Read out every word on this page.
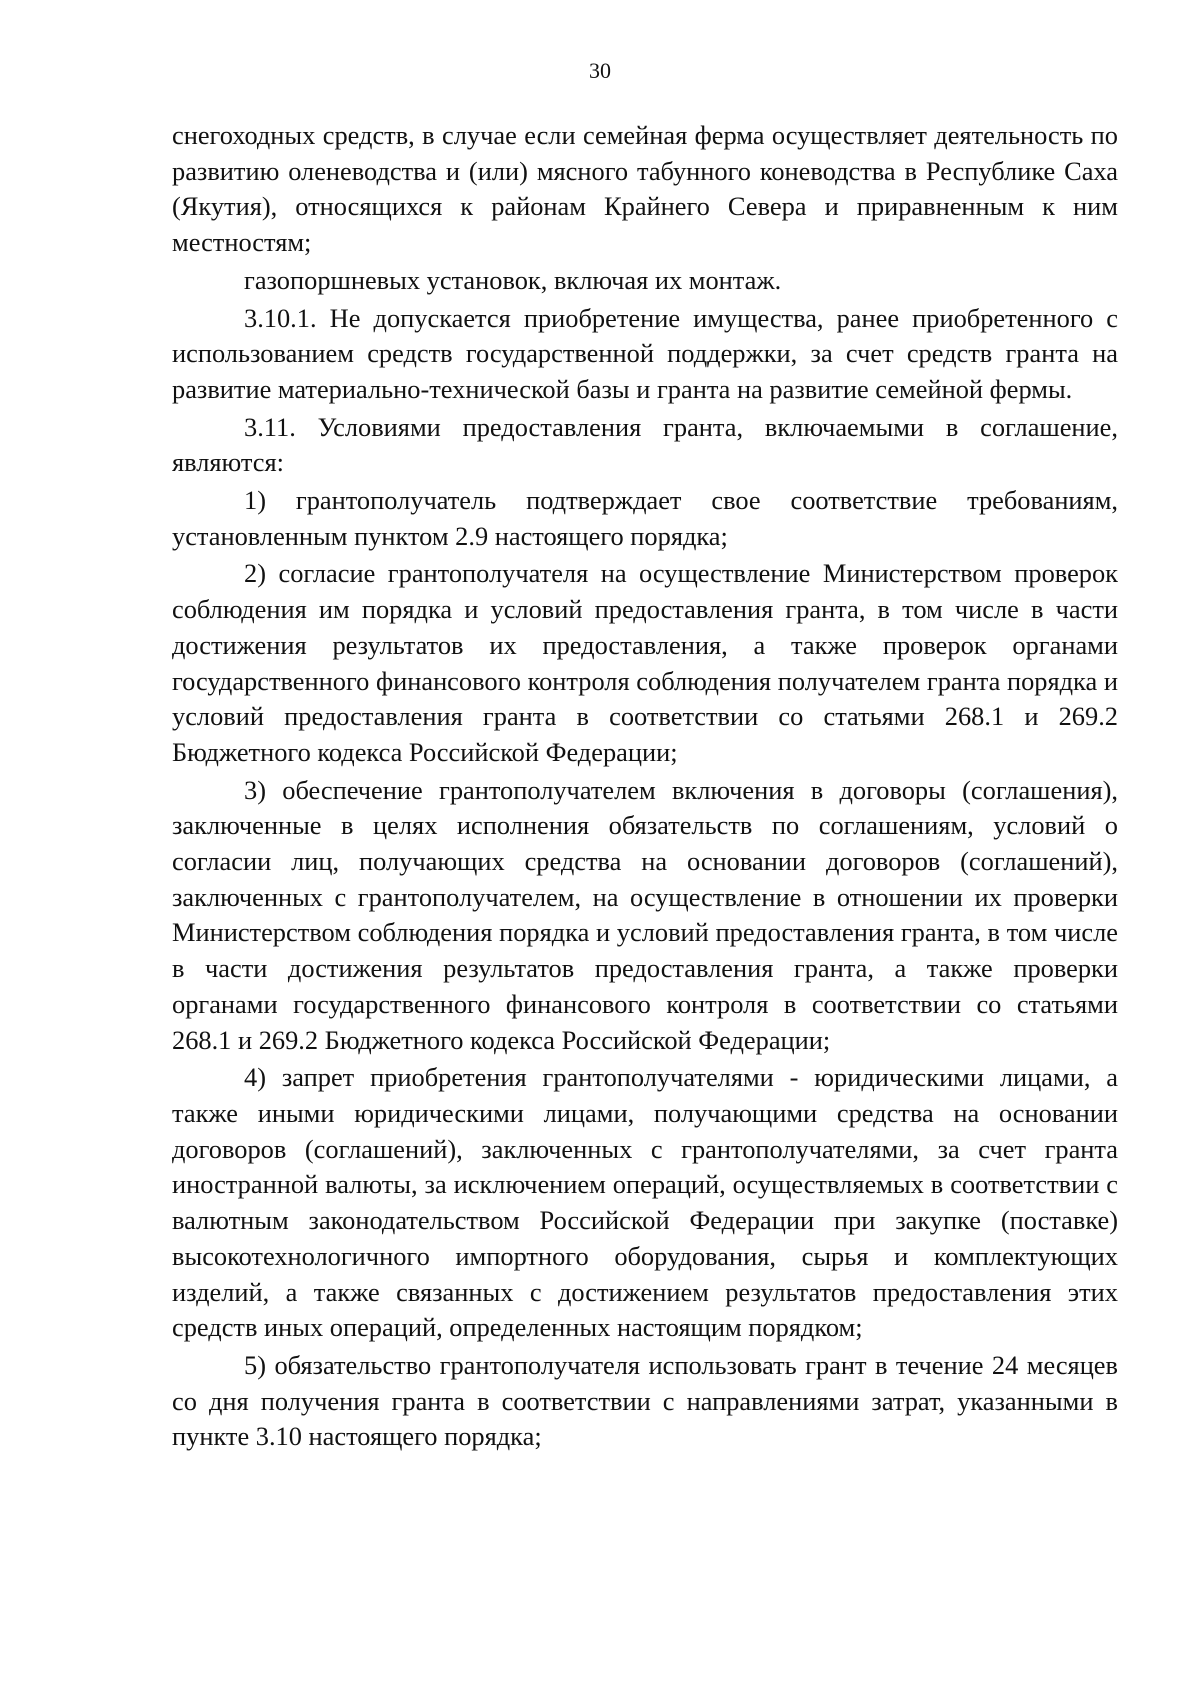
30

снегоходных средств, в случае если семейная ферма осуществляет деятельность по развитию оленеводства и (или) мясного табунного коневодства в Республике Саха (Якутия), относящихся к районам Крайнего Севера и приравненным к ним местностям;

газопоршневых установок, включая их монтаж.

3.10.1. Не допускается приобретение имущества, ранее приобретенного с использованием средств государственной поддержки, за счет средств гранта на развитие материально-технической базы и гранта на развитие семейной фермы.

3.11. Условиями предоставления гранта, включаемыми в соглашение, являются:

1) грантополучатель подтверждает свое соответствие требованиям, установленным пунктом 2.9 настоящего порядка;

2) согласие грантополучателя на осуществление Министерством проверок соблюдения им порядка и условий предоставления гранта, в том числе в части достижения результатов их предоставления, а также проверок органами государственного финансового контроля соблюдения получателем гранта порядка и условий предоставления гранта в соответствии со статьями 268.1 и 269.2 Бюджетного кодекса Российской Федерации;

3) обеспечение грантополучателем включения в договоры (соглашения), заключенные в целях исполнения обязательств по соглашениям, условий о согласии лиц, получающих средства на основании договоров (соглашений), заключенных с грантополучателем, на осуществление в отношении их проверки Министерством соблюдения порядка и условий предоставления гранта, в том числе в части достижения результатов предоставления гранта, а также проверки органами государственного финансового контроля в соответствии со статьями 268.1 и 269.2 Бюджетного кодекса Российской Федерации;

4) запрет приобретения грантополучателями - юридическими лицами, а также иными юридическими лицами, получающими средства на основании договоров (соглашений), заключенных с грантополучателями, за счет гранта иностранной валюты, за исключением операций, осуществляемых в соответствии с валютным законодательством Российской Федерации при закупке (поставке) высокотехнологичного импортного оборудования, сырья и комплектующих изделий, а также связанных с достижением результатов предоставления этих средств иных операций, определенных настоящим порядком;

5) обязательство грантополучателя использовать грант в течение 24 месяцев со дня получения гранта в соответствии с направлениями затрат, указанными в пункте 3.10 настоящего порядка;
